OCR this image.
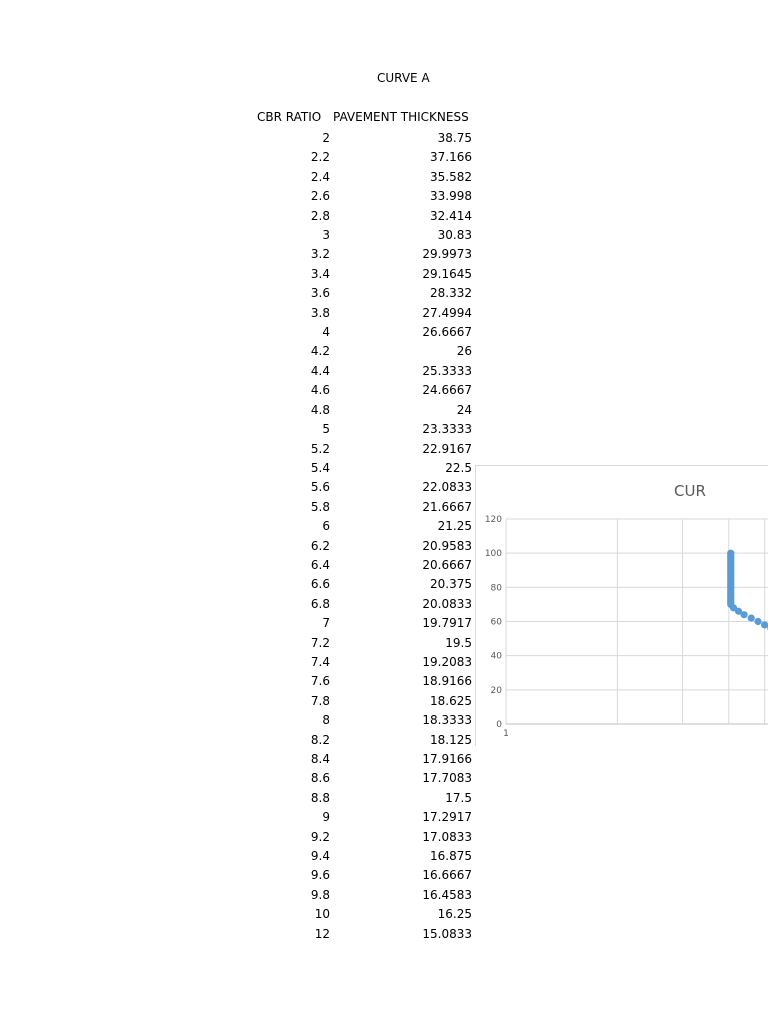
CURVE A
CBR RATIO PAVEMENT THICKNESS
2	38.75
2.2	37.166
2.4	35.582
2.6	33.998
2.8	32.414
3	30.83
3.2	29.9973
3.4	29.1645
3.6	28.332
3.8	27.4994
4	26.6667
4.2	26
4.4	25.3333
4.6	24.6667
4.8	24
5	23.3333
5.2	22.9167
5.4	22.5
5.6	22.0833
5.8	21.6667
6	21.25
6.2	20.9583
6.4	20.6667
6.6	20.375
6.8	20.0833
7	19.7917
7.2	19.5
7.4	19.2083
7.6	18.9166
7.8	18.625
8	18.3333
8.2	18.125
8.4	17.9166
8.6	17.7083
8.8	17.5
9	17.2917
9.2	17.0833
9.4	16.875
9.6	16.6667
9.8	16.4583
10	16.25
12	15.0833
0
20
40
60
80
100
120
1
CUR
